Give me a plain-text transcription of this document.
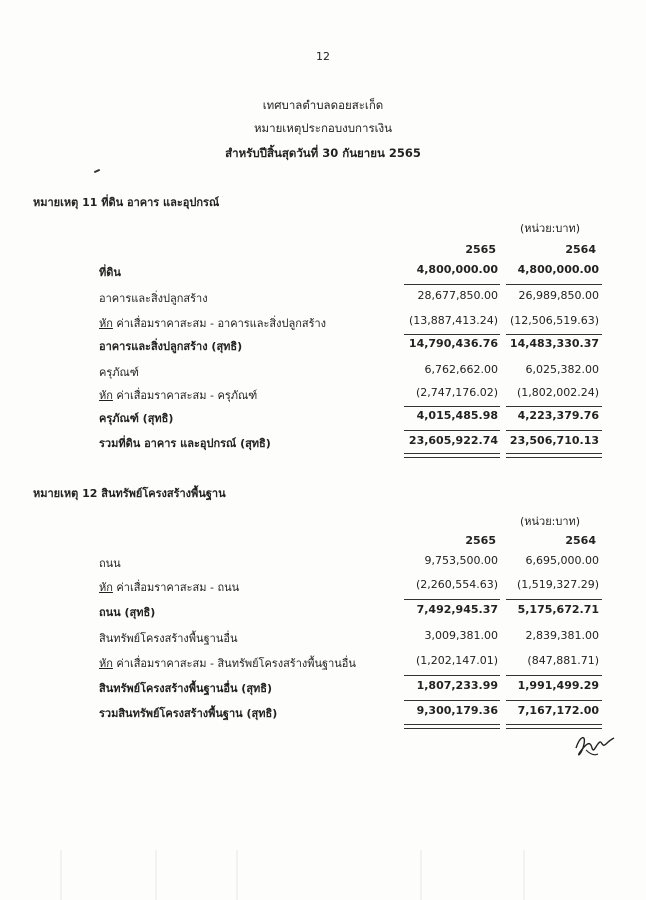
12
เทศบาลตำบลดอยสะเก็ด
หมายเหตุประกอบงบการเงิน
สำหรับปีสิ้นสุดวันที่ 30 กันยายน 2565
หมายเหตุ 11 ที่ดิน อาคาร และอุปกรณ์
(หน่วย:บาท)
2565	2564
ที่ดิน	4,800,000.00	4,800,000.00
อาคารและสิ่งปลูกสร้าง	28,677,850.00	26,989,850.00
หัก ค่าเสื่อมราคาสะสม - อาคารและสิ่งปลูกสร้าง	(13,887,413.24)	(12,506,519.63)
อาคารและสิ่งปลูกสร้าง (สุทธิ)	14,790,436.76	14,483,330.37
ครุภัณฑ์	6,762,662.00	6,025,382.00
หัก ค่าเสื่อมราคาสะสม - ครุภัณฑ์	(2,747,176.02)	(1,802,002.24)
ครุภัณฑ์ (สุทธิ)	4,015,485.98	4,223,379.76
รวมที่ดิน อาคาร และอุปกรณ์ (สุทธิ)	23,605,922.74	23,506,710.13
หมายเหตุ 12 สินทรัพย์โครงสร้างพื้นฐาน
(หน่วย:บาท)
2565	2564
ถนน	9,753,500.00	6,695,000.00
หัก ค่าเสื่อมราคาสะสม - ถนน	(2,260,554.63)	(1,519,327.29)
ถนน (สุทธิ)	7,492,945.37	5,175,672.71
สินทรัพย์โครงสร้างพื้นฐานอื่น	3,009,381.00	2,839,381.00
หัก ค่าเสื่อมราคาสะสม - สินทรัพย์โครงสร้างพื้นฐานอื่น	(1,202,147.01)	(847,881.71)
สินทรัพย์โครงสร้างพื้นฐานอื่น (สุทธิ)	1,807,233.99	1,991,499.29
รวมสินทรัพย์โครงสร้างพื้นฐาน (สุทธิ)	9,300,179.36	7,167,172.00
